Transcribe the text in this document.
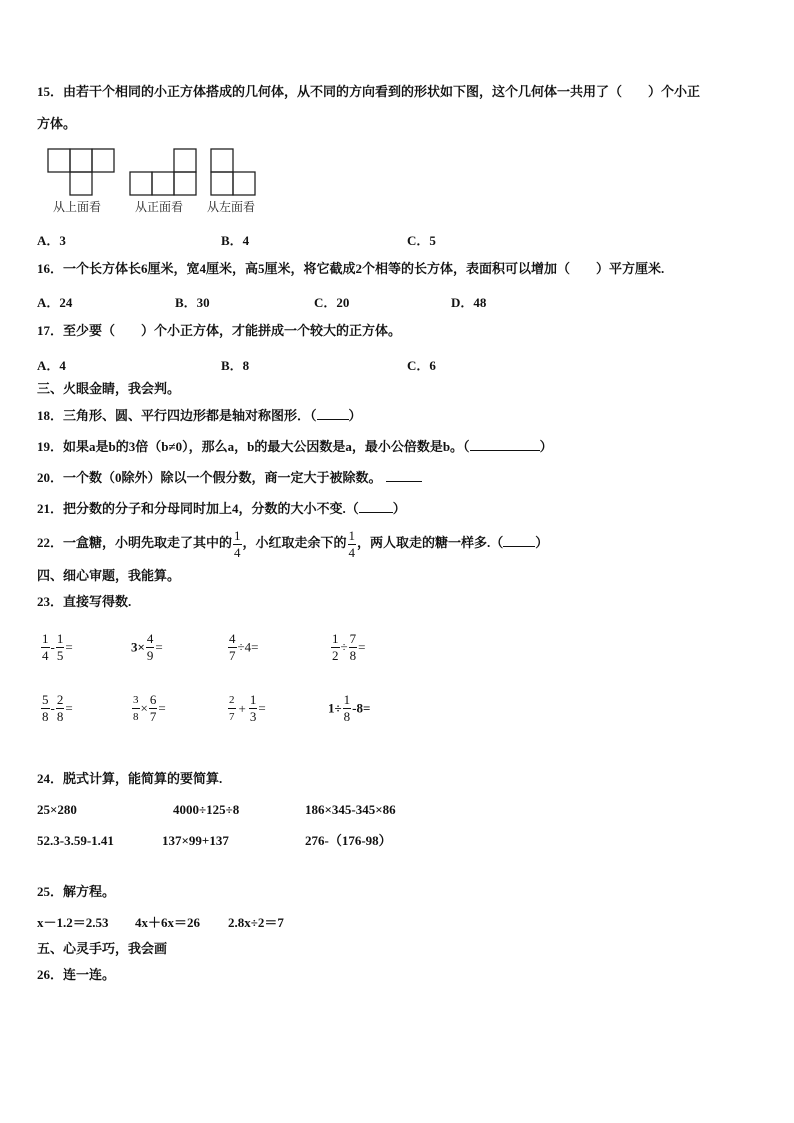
15．由若干个相同的小正方体搭成的几何体，从不同的方向看到的形状如下图，这个几何体一共用了（　　）个小正
方体。
从上面看	从正面看 从左面看
A．3	B．4	C．5
16．一个长方体长6厘米，宽4厘米，高5厘米，将它截成2个相等的长方体，表面积可以增加（　　）平方厘米.
A．24	B．30	C．20	D．48
17．至少要（　　）个小正方体，才能拼成一个较大的正方体。
A．4	B．8	C．6
三、火眼金睛，我会判。
18．三角形、圆、平行四边形都是轴对称图形．（ ）
19．如果a是b的3倍（b≠0），那么a，b的最大公因数是a，最小公倍数是b。（	）
20．一个数（0除外）除以一个假分数，商一定大于被除数。
21．把分数的分子和分母同时加上4，分数的大小不变.（	）
22．一盒糖，小明先取走了其中的 $\frac{1}{4}$ ，小红取走余下的 $\frac{1}{4}$ ，两人取走的糖一样多.（ ）
四、细心审题，我能算。
23．直接写得数.
$\frac{1}{4} - \frac{1}{5}$ =	$3\times \frac{4}{9}$ =	$\frac{4}{7} \div 4=$	$\frac{1}{2} \div \frac{7}{8}$ =
$\frac{5}{8} - \frac{2}{8}$ =	$\frac{3}{8} \times \frac{6}{7}$ =	$\frac{2}{7} + \frac{1}{3}$ =	$1\div \frac{1}{8} -8=$
24．脱式计算，能简算的要简算.
25×280	4000÷125÷8	186×345-345×86
52.3-3.59-1.41	137×99+137	276-（176-98）
25．解方程。
x－1.2＝2.53 4x＋6x＝26 2.8x÷2＝7
五、心灵手巧，我会画
26．连一连。
